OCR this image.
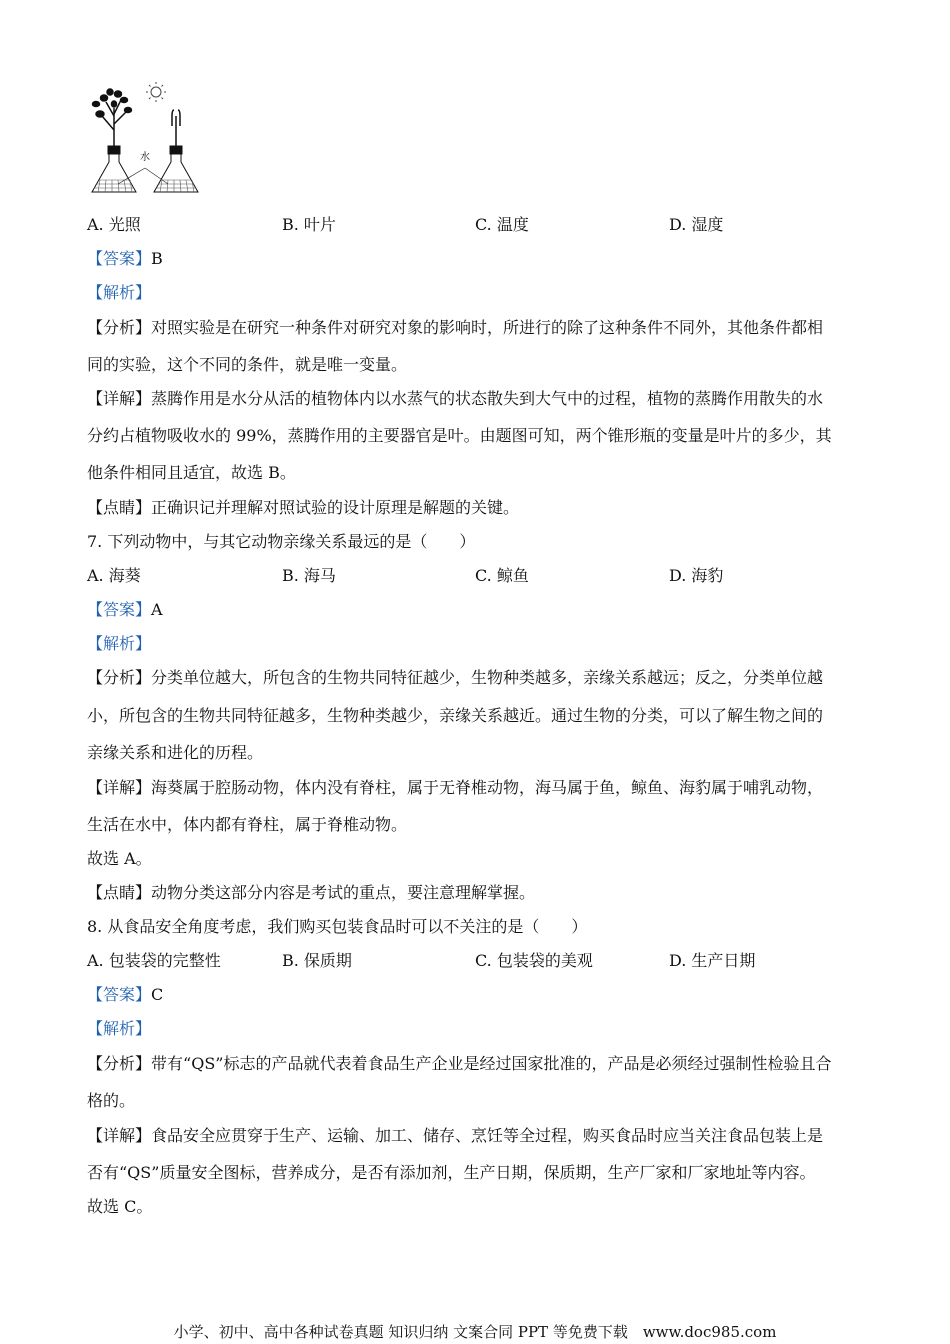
水
A. 光照	B. 叶片	C. 温度	D. 湿度
【答案】B
【解析】
【分析】对照实验是在研究一种条件对研究对象的影响时，所进行的除了这种条件不同外，其他条件都相
同的实验，这个不同的条件，就是唯一变量。
【详解】蒸腾作用是水分从活的植物体内以水蒸气的状态散失到大气中的过程，植物的蒸腾作用散失的水
分约占植物吸收水的 99%，蒸腾作用的主要器官是叶。由题图可知，两个锥形瓶的变量是叶片的多少，其
他条件相同且适宜，故选 B。
【点睛】正确识记并理解对照试验的设计原理是解题的关键。
7. 下列动物中，与其它动物亲缘关系最远的是（　　）
A. 海葵	B. 海马	C. 鲸鱼	D. 海豹
【答案】A
【解析】
【分析】分类单位越大，所包含的生物共同特征越少，生物种类越多，亲缘关系越远；反之，分类单位越
小，所包含的生物共同特征越多，生物种类越少，亲缘关系越近。通过生物的分类，可以了解生物之间的
亲缘关系和进化的历程。
【详解】海葵属于腔肠动物，体内没有脊柱，属于无脊椎动物，海马属于鱼，鲸鱼、海豹属于哺乳动物，
生活在水中，体内都有脊柱，属于脊椎动物。
故选 A。
【点睛】动物分类这部分内容是考试的重点，要注意理解掌握。
8. 从食品安全角度考虑，我们购买包装食品时可以不关注的是（　　）
A. 包装袋的完整性	B. 保质期	C. 包装袋的美观	D. 生产日期
【答案】C
【解析】
【分析】带有“QS”标志的产品就代表着食品生产企业是经过国家批准的，产品是必须经过强制性检验且合
格的。
【详解】食品安全应贯穿于生产、运输、加工、储存、烹饪等全过程，购买食品时应当关注食品包装上是
否有“QS”质量安全图标，营养成分，是否有添加剂，生产日期，保质期，生产厂家和厂家地址等内容。
故选 C。
小学、初中、高中各种试卷真题 知识归纳 文案合同 PPT 等免费下载　www.doc985.com
